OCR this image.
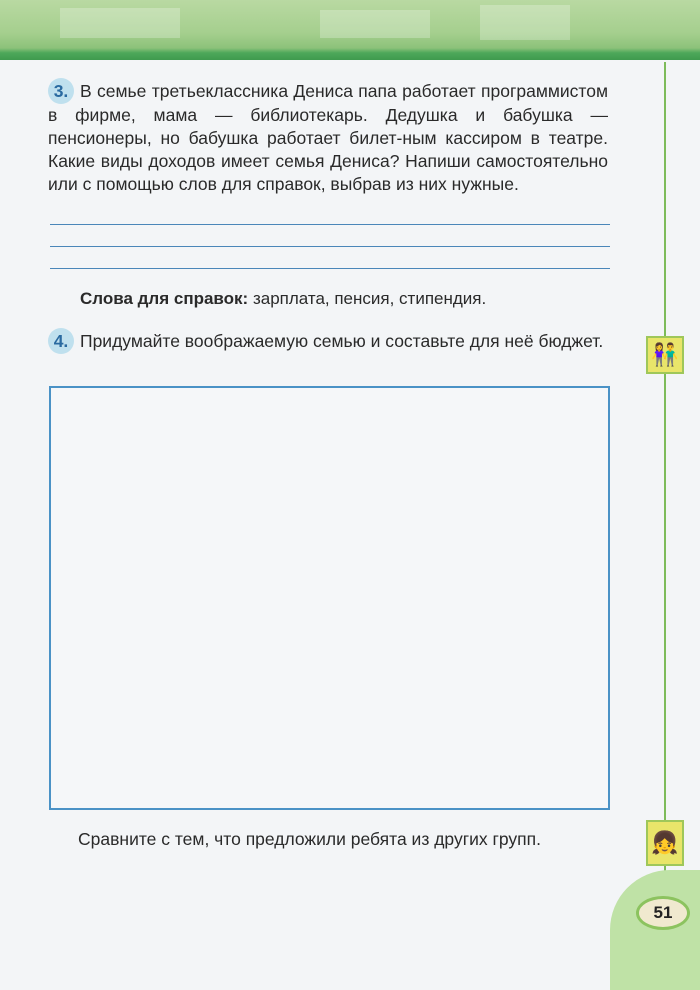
3. В семье третьеклассника Дениса папа работает программистом в фирме, мама — библиотекарь. Дедушка и бабушка — пенсионеры, но бабушка работает билет-ным кассиром в театре. Какие виды доходов имеет семья Дениса? Напиши самостоятельно или с помощью слов для справок, выбрав из них нужные.
Слова для справок: зарплата, пенсия, стипендия.
4. Придумайте воображаемую семью и составьте для неё бюджет.
👫
Сравните с тем, что предложили ребята из других групп.	👧
51
